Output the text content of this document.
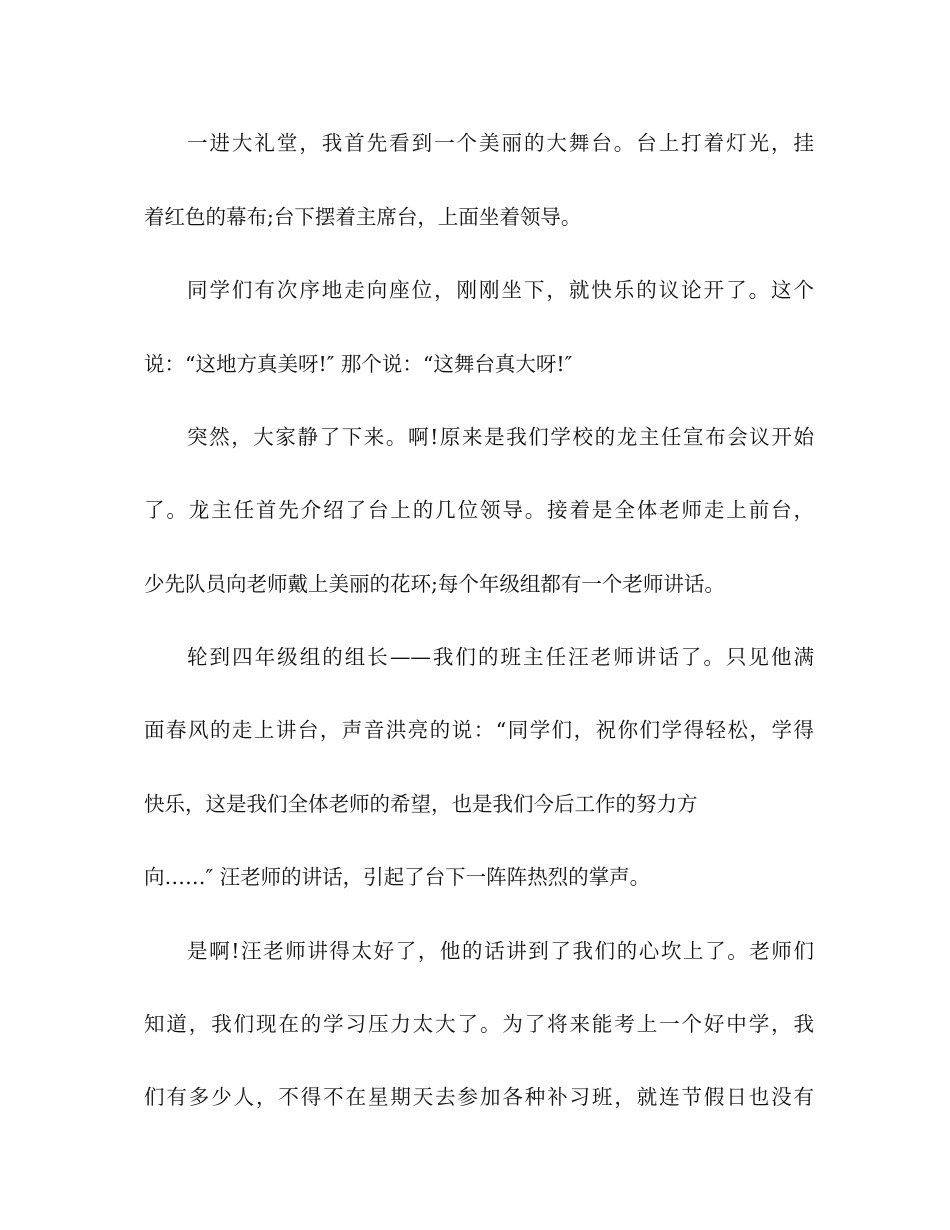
一进大礼堂，我首先看到一个美丽的大舞台。台上打着灯光，挂
着红色的幕布;台下摆着主席台，上面坐着领导。
同学们有次序地走向座位，刚刚坐下，就快乐的议论开了。这个
说：“这地方真美呀!″ 那个说：“这舞台真大呀!″
突然，大家静了下来。啊!原来是我们学校的龙主任宣布会议开始
了。龙主任首先介绍了台上的几位领导。接着是全体老师走上前台，
少先队员向老师戴上美丽的花环;每个年级组都有一个老师讲话。
轮到四年级组的组长——我们的班主任汪老师讲话了。只见他满
面春风的走上讲台，声音洪亮的说：“同学们，祝你们学得轻松，学得
快乐，这是我们全体老师的希望，也是我们今后工作的努力方
向……″ 汪老师的讲话，引起了台下一阵阵热烈的掌声。
是啊!汪老师讲得太好了，他的话讲到了我们的心坎上了。老师们
知道，我们现在的学习压力太大了。为了将来能考上一个好中学，我
们有多少人，不得不在星期天去参加各种补习班，就连节假日也没有
